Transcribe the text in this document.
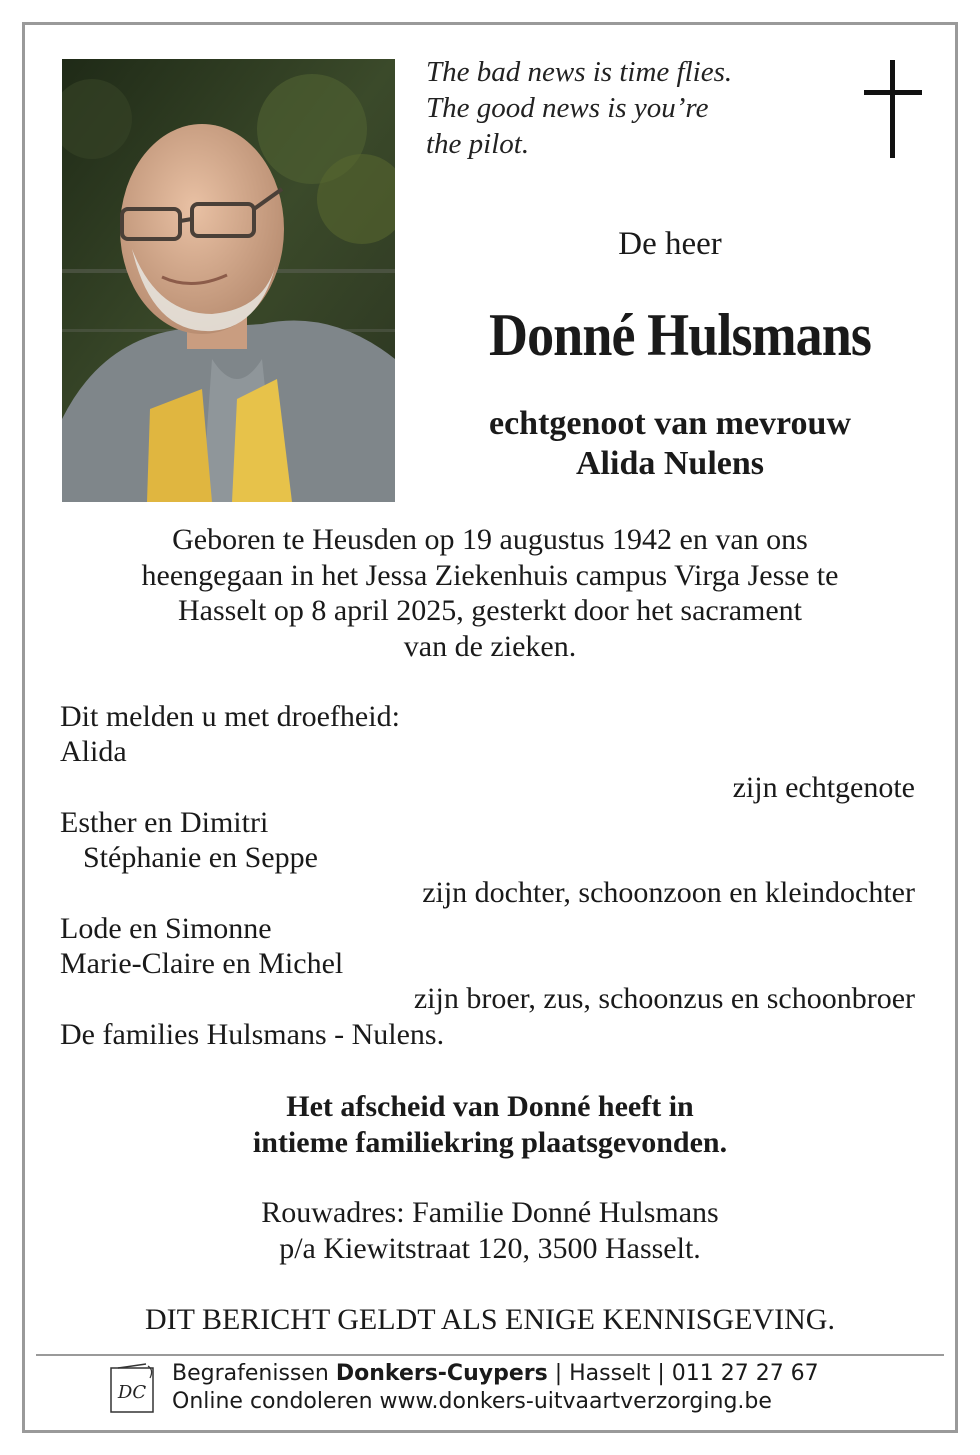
The bad news is time flies.
The good news is you’re
the pilot.
De heer
Donné Hulsmans
echtgenoot van mevrouw
Alida Nulens
Geboren te Heusden op 19 augustus 1942 en van ons
heengegaan in het Jessa Ziekenhuis campus Virga Jesse te
Hasselt op 8 april 2025, gesterkt door het sacrament
van de zieken.
Dit melden u met droefheid:
Alida
zijn echtgenote
Esther en Dimitri
Stéphanie en Seppe
zijn dochter, schoonzoon en kleindochter
Lode en Simonne
Marie-Claire en Michel
zijn broer, zus, schoonzus en schoonbroer
De families Hulsmans - Nulens.
Het afscheid van Donné heeft in
intieme familiekring plaatsgevonden.
Rouwadres: Familie Donné Hulsmans
p/a Kiewitstraat 120, 3500 Hasselt.
DIT BERICHT GELDT ALS ENIGE KENNISGEVING.
DC
Begrafenissen Donkers-Cuypers | Hasselt | 011 27 27 67
Online condoleren www.donkers-uitvaartverzorging.be
